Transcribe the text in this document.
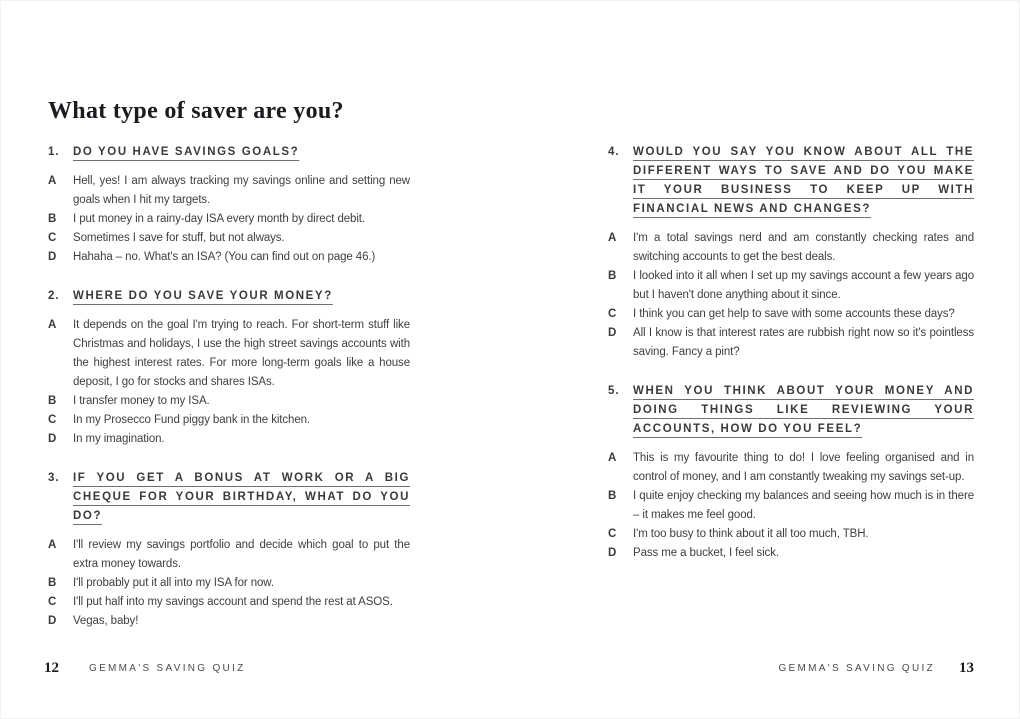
What type of saver are you?
1.	DO YOU HAVE SAVINGS GOALS?
A	Hell, yes! I am always tracking my savings online and setting new goals when I hit my targets.
B	I put money in a rainy-day ISA every month by direct debit.
C	Sometimes I save for stuff, but not always.
D	Hahaha – no. What's an ISA? (You can find out on page 46.)
2.	WHERE DO YOU SAVE YOUR MONEY?
A	It depends on the goal I'm trying to reach. For short-term stuff like Christmas and holidays, I use the high street savings accounts with the highest interest rates. For more long-term goals like a house deposit, I go for stocks and shares ISAs.
B	I transfer money to my ISA.
C	In my Prosecco Fund piggy bank in the kitchen.
D	In my imagination.
3.	IF YOU GET A BONUS AT WORK OR A BIG CHEQUE FOR YOUR BIRTHDAY, WHAT DO YOU DO?
A	I'll review my savings portfolio and decide which goal to put the extra money towards.
B	I'll probably put it all into my ISA for now.
C	I'll put half into my savings account and spend the rest at ASOS.
D	Vegas, baby!
4.	WOULD YOU SAY YOU KNOW ABOUT ALL THE DIFFERENT WAYS TO SAVE AND DO YOU MAKE IT YOUR BUSINESS TO KEEP UP WITH FINANCIAL NEWS AND CHANGES?
A	I'm a total savings nerd and am constantly checking rates and switching accounts to get the best deals.
B	I looked into it all when I set up my savings account a few years ago but I haven't done anything about it since.
C	I think you can get help to save with some accounts these days?
D	All I know is that interest rates are rubbish right now so it's pointless saving. Fancy a pint?
5.	WHEN YOU THINK ABOUT YOUR MONEY AND DOING THINGS LIKE REVIEWING YOUR ACCOUNTS, HOW DO YOU FEEL?
A	This is my favourite thing to do! I love feeling organised and in control of money, and I am constantly tweaking my savings set-up.
B	I quite enjoy checking my balances and seeing how much is in there – it makes me feel good.
C	I'm too busy to think about it all too much, TBH.
D	Pass me a bucket, I feel sick.
12	GEMMA'S SAVING QUIZ	GEMMA'S SAVING QUIZ 13
